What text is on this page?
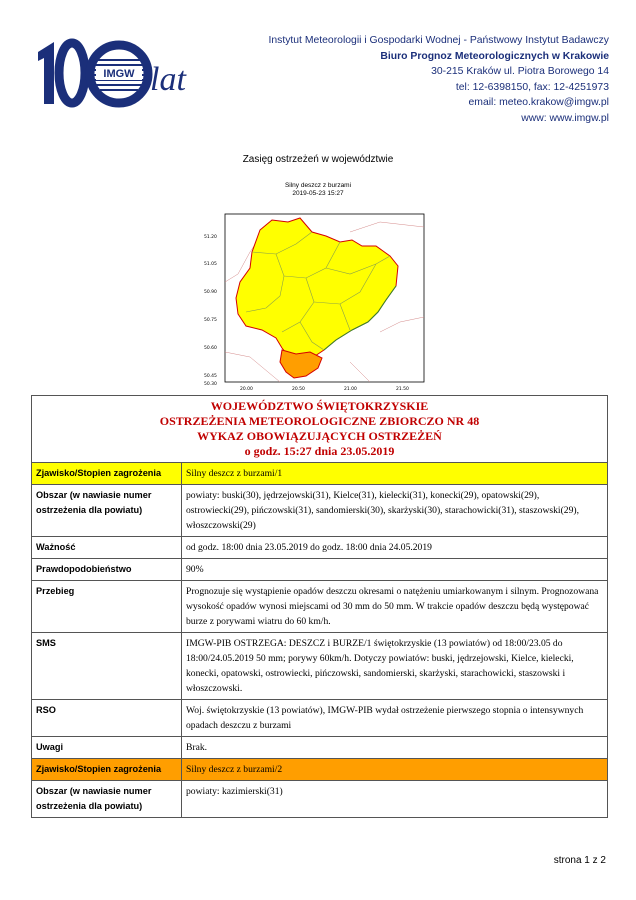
IMGW lat
Instytut Meteorologii i Gospodarki Wodnej - Państwowy Instytut Badawczy
Biuro Prognoz Meteorologicznych w Krakowie
30-215 Kraków ul. Piotra Borowego 14
tel: 12-6398150, fax: 12-4251973
email: meteo.krakow@imgw.pl
www: www.imgw.pl
Zasięg ostrzeżeń w województwie
Silny deszcz z burzami
2019-05-23 15:27
51.20
51.05
50.90
50.75
50.60
50.45
50.30
20.00	20.50	21.00	21.50
WOJEWÓDZTWO ŚWIĘTOKRZYSKIE
OSTRZEŻENIA METEOROLOGICZNE ZBIORCZO NR 48
WYKAZ OBOWIĄZUJĄCYCH OSTRZEŻEŃ
o godz. 15:27 dnia 23.05.2019	

Zjawisko/Stopien zagrożenia	Silny deszcz z burzami/1
Obszar (w nawiasie numer ostrzeżenia dla powiatu)	powiaty: buski(30), jędrzejowski(31), Kielce(31), kielecki(31), konecki(29), opatowski(29), ostrowiecki(29), pińczowski(31), sandomierski(30), skarżyski(30), starachowicki(31), staszowski(29), włoszczowski(29)
Ważność	od godz. 18:00 dnia 23.05.2019 do godz. 18:00 dnia 24.05.2019
Prawdopodobieństwo	90%
Przebieg	Prognozuje się wystąpienie opadów deszczu okresami o natężeniu umiarkowanym i silnym. Prognozowana wysokość opadów wynosi miejscami od 30 mm do 50 mm. W trakcie opadów deszczu będą występować burze z porywami wiatru do 60 km/h.
SMS	IMGW-PIB OSTRZEGA: DESZCZ i BURZE/1 świętokrzyskie (13 powiatów) od 18:00/23.05 do 18:00/24.05.2019 50 mm; porywy 60km/h. Dotyczy powiatów: buski, jędrzejowski, Kielce, kielecki, konecki, opatowski, ostrowiecki, pińczowski, sandomierski, skarżyski, starachowicki, staszowski i włoszczowski.
RSO	Woj. świętokrzyskie (13 powiatów), IMGW-PIB wydał ostrzeżenie pierwszego stopnia o intensywnych opadach deszczu z burzami
Uwagi	Brak.
Zjawisko/Stopien zagrożenia	Silny deszcz z burzami/2
Obszar (w nawiasie numer ostrzeżenia dla powiatu)	powiaty: kazimierski(31)
strona 1 z 2
